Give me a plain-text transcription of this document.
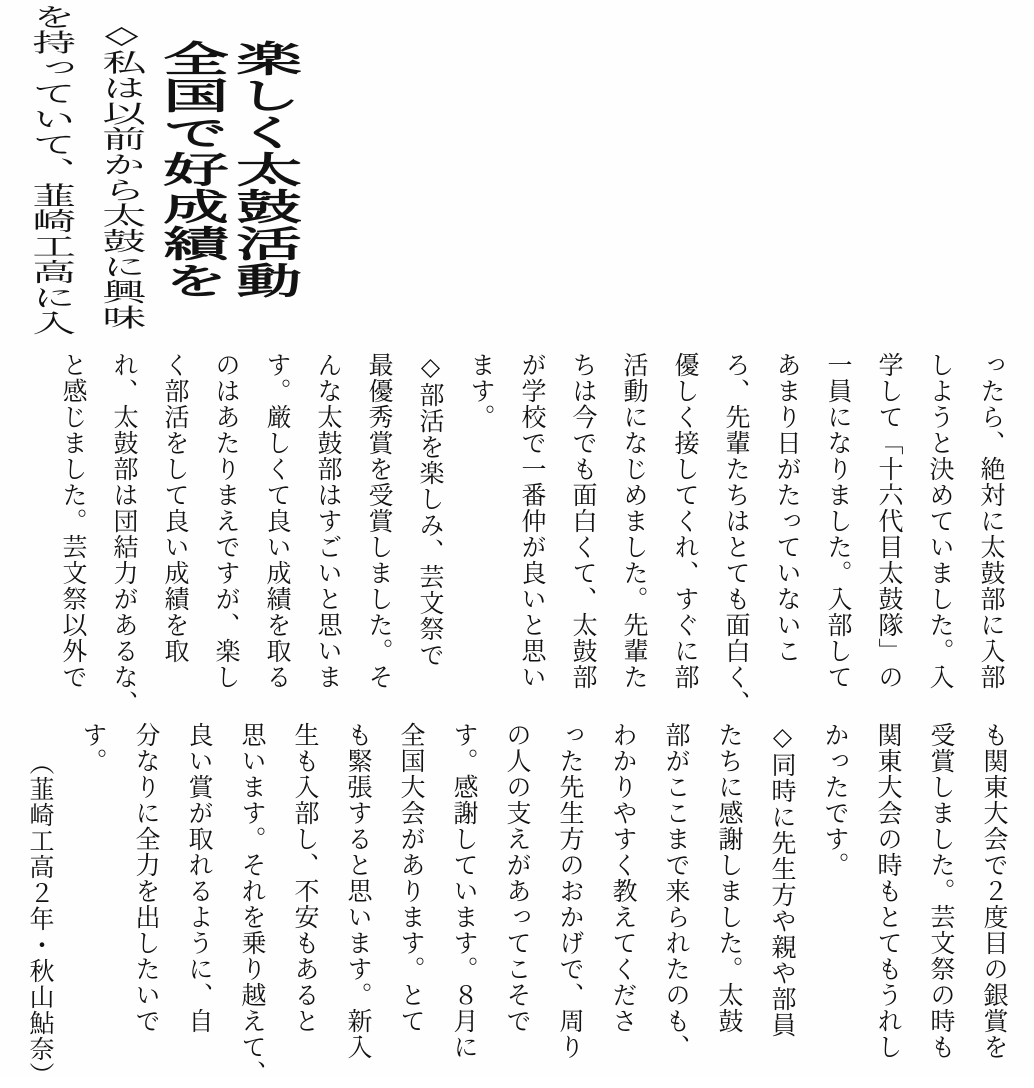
楽しく太鼓活動
全国で好成績を
◇私は以前から太鼓に興味
を持っていて、韮崎工高に入
ったら、絶対に太鼓部に入部
しようと決めていました。入
学して「十六代目太鼓隊」の
一員になりました。入部して
あまり日がたっていないこ
ろ、先輩たちはとても面白く、
優しく接してくれ、すぐに部
活動になじめました。先輩た
ちは今でも面白くて、太鼓部
が学校で一番仲が良いと思い
ます。
◇部活を楽しみ、芸文祭で
最優秀賞を受賞しました。そ
んな太鼓部はすごいと思いま
す。厳しくて良い成績を取る
のはあたりまえですが、楽し
く部活をして良い成績を取
れ、太鼓部は団結力があるな、
と感じました。芸文祭以外で
も関東大会で２度目の銀賞を
受賞しました。芸文祭の時も
関東大会の時もとてもうれし
かったです。
◇同時に先生方や親や部員
たちに感謝しました。太鼓
部がここまで来られたのも、
わかりやすく教えてくださ
った先生方のおかげで、周り
の人の支えがあってこそで
す。感謝しています。８月に
全国大会があります。とて
も緊張すると思います。新入
生も入部し、不安もあると
思います。それを乗り越えて、
良い賞が取れるように、自
分なりに全力を出したいで
す。
（韮崎工高２年・秋山鮎奈）
